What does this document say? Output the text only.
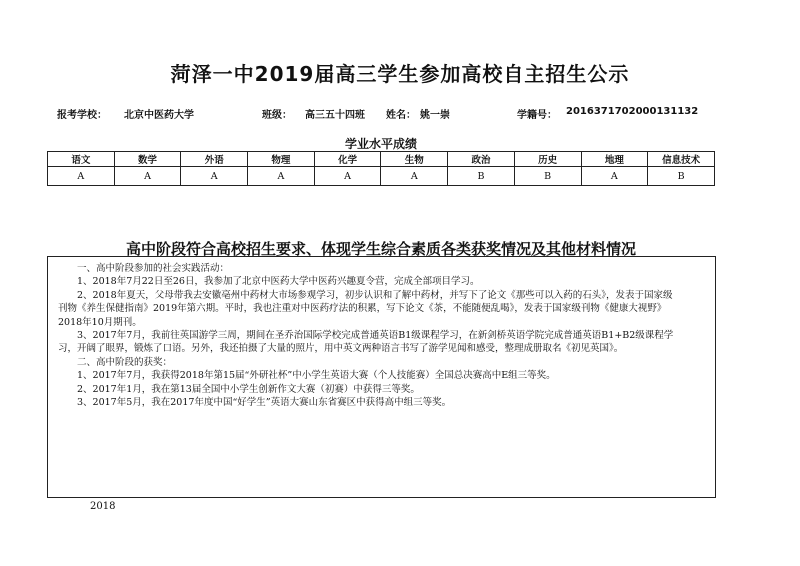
菏泽一中2019届高三学生参加高校自主招生公示
报考学校： 北京中医药大学	班级： 高三五十四班 姓名： 姚一崇	学籍号： 2016371702000131132
学业水平成绩
语文	数学	外语	物理	化学	生物	政治	历史	地理	信息技术
A	A	A	A	A	A	B	B	A	B
高中阶段符合高校招生要求、体现学生综合素质各类获奖情况及其他材料情况

一、高中阶段参加的社会实践活动：

1、2018年7月22日至26日，我参加了北京中医药大学中医药兴趣夏令营，完成全部项目学习。

2、2018年夏天，父母带我去安徽亳州中药材大市场参观学习，初步认识和了解中药材，并写下了论文《那些可以入药的石头》，发表于国家级刊物《养生保健指南》2019年第六期。平时，我也注重对中医药疗法的积累，写下论文《茶，不能随便乱喝》，发表于国家级刊物《健康大视野》2018年10月期刊。

3、2017年7月，我前往英国游学三周，期间在圣乔治国际学校完成普通英语B1级课程学习，在新剑桥英语学院完成普通英语B1+B2级课程学习，开阔了眼界，锻炼了口语。另外，我还拍摄了大量的照片，用中英文两种语言书写了游学见闻和感受，整理成册取名《初见英国》。

二、高中阶段的获奖：

1、2017年7月，我获得2018年第15届“外研社杯”中小学生英语大赛（个人技能赛）全国总决赛高中E组三等奖。

2、2017年1月，我在第13届全国中小学生创新作文大赛（初赛）中获得三等奖。

3、2017年5月，我在2017年度中国“好学生”英语大赛山东省赛区中获得高中组三等奖。

2018
